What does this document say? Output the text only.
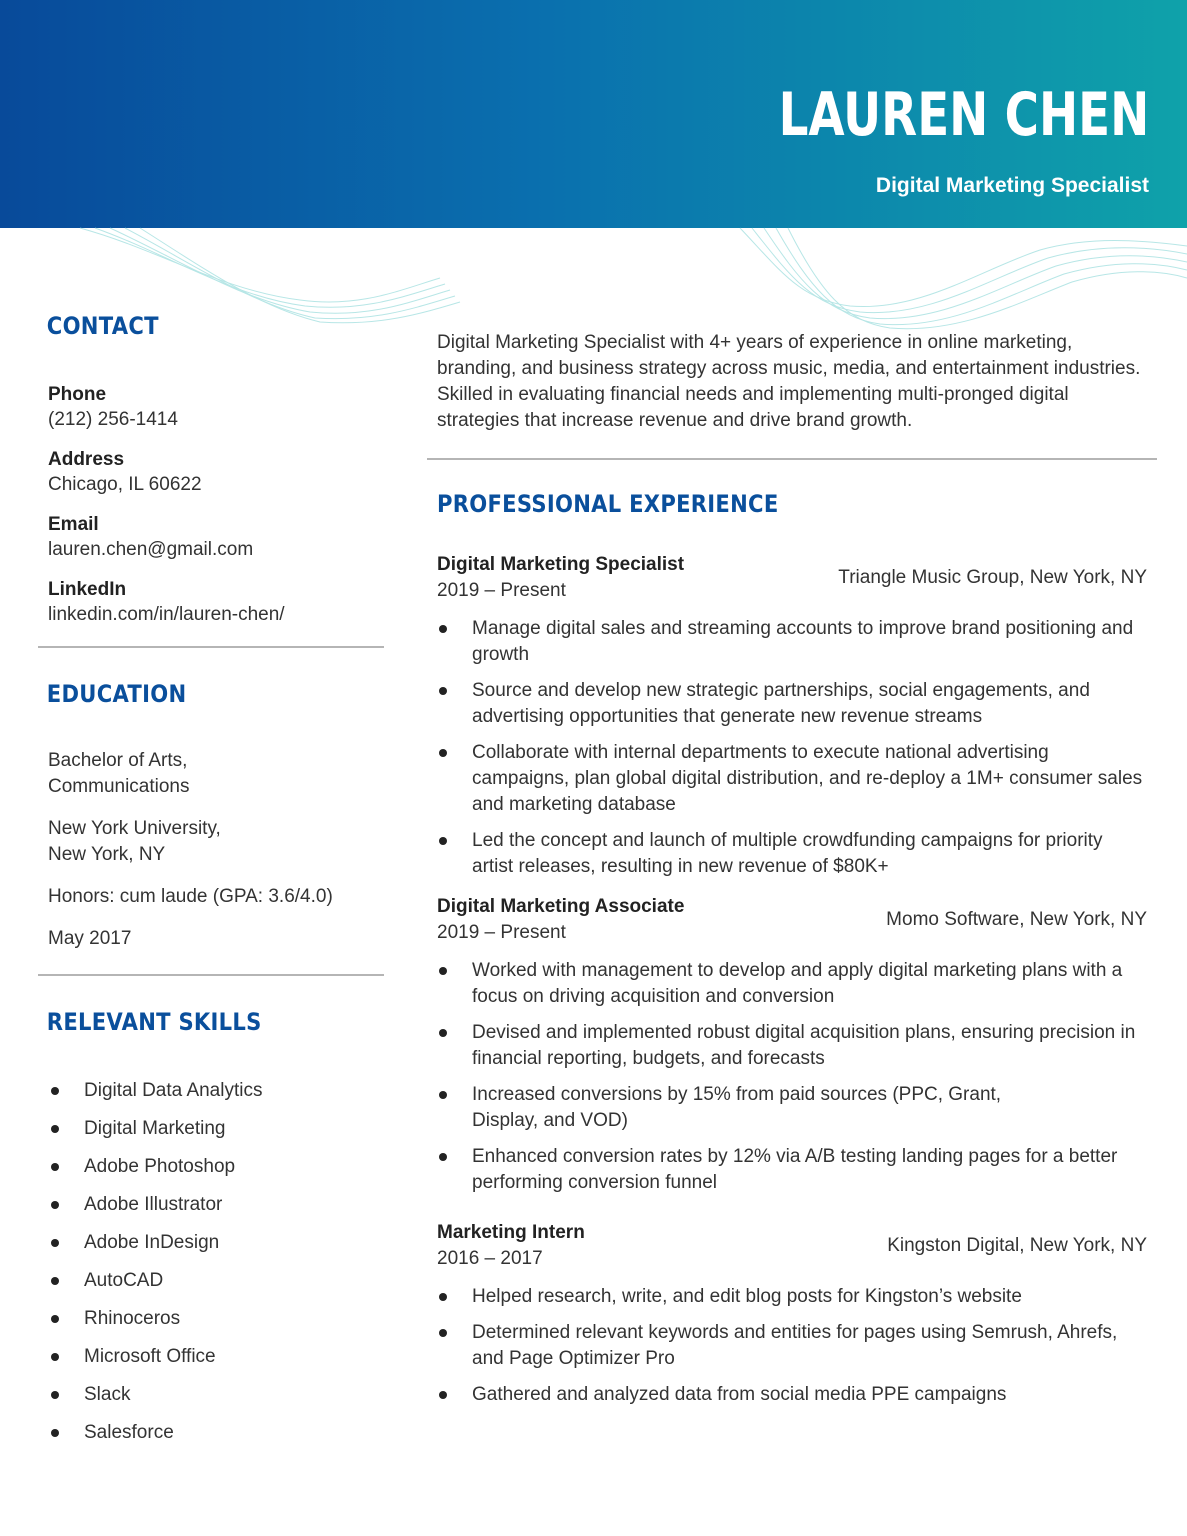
LAUREN CHEN
Digital Marketing Specialist
CONTACT
Phone
(212) 256-1414
Address
Chicago, IL 60622
Email
lauren.chen@gmail.com
LinkedIn
linkedin.com/in/lauren-chen/
EDUCATION

Bachelor of Arts, Communications

New York University, New York, NY

Honors: cum laude (GPA: 3.6/4.0)

May 2017

RELEVANT SKILLS
Digital Data Analytics
Digital Marketing
Adobe Photoshop
Adobe Illustrator
Adobe InDesign
AutoCAD
Rhinoceros
Microsoft Office
Slack
Salesforce

Digital Marketing Specialist with 4+ years of experience in online marketing, branding, and business strategy across music, media, and entertainment industries. Skilled in evaluating financial needs and implementing multi-pronged digital strategies that increase revenue and drive brand growth.

PROFESSIONAL EXPERIENCE
Digital Marketing Specialist
2019 – Present
Triangle Music Group, New York, NY
Manage digital sales and streaming accounts to improve brand positioning and growth
Source and develop new strategic partnerships, social engagements, and advertising opportunities that generate new revenue streams
Collaborate with internal departments to execute national advertising campaigns, plan global digital distribution, and re-deploy a 1M+ consumer sales and marketing database
Led the concept and launch of multiple crowdfunding campaigns for priority artist releases, resulting in new revenue of $80K+
Digital Marketing Associate
2019 – Present
Momo Software, New York, NY
Worked with management to develop and apply digital marketing plans with a focus on driving acquisition and conversion
Devised and implemented robust digital acquisition plans, ensuring precision in financial reporting, budgets, and forecasts
Increased conversions by 15% from paid sources (PPC, Grant, Display, and VOD)
Enhanced conversion rates by 12% via A/B testing landing pages for a better performing conversion funnel
Marketing Intern
2016 – 2017
Kingston Digital, New York, NY
Helped research, write, and edit blog posts for Kingston’s website
Determined relevant keywords and entities for pages using Semrush, Ahrefs, and Page Optimizer Pro
Gathered and analyzed data from social media PPE campaigns
